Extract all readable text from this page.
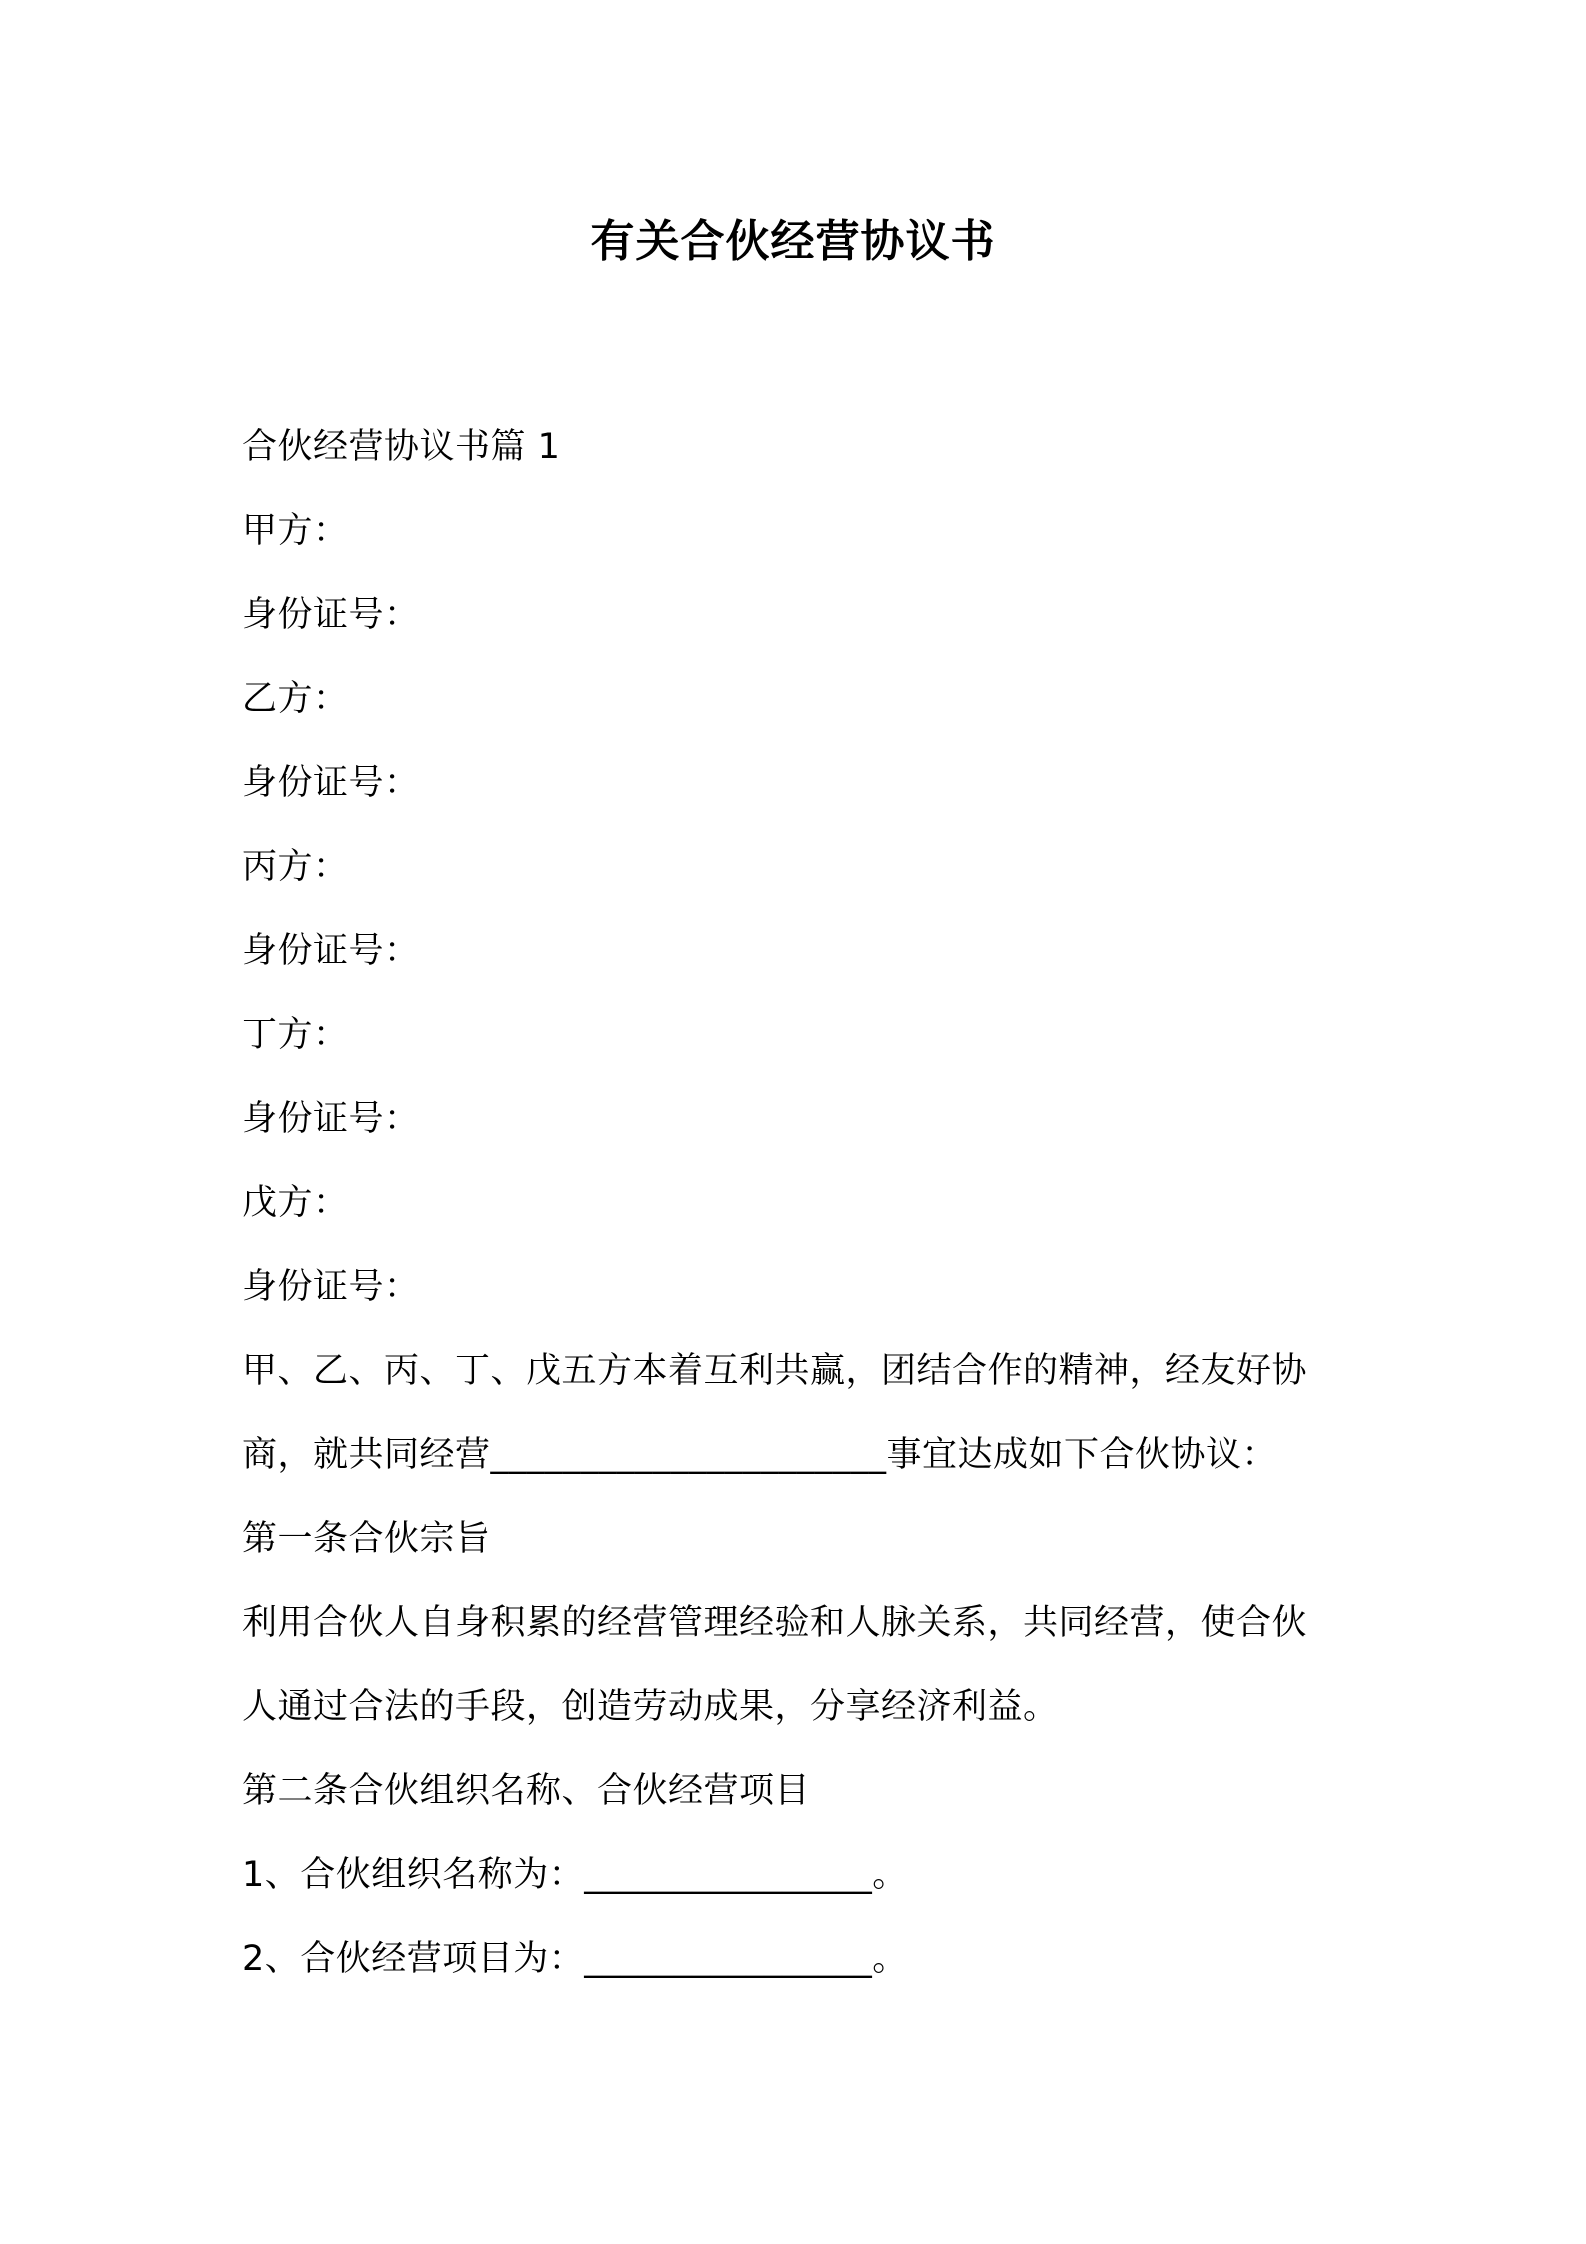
有关合伙经营协议书
合伙经营协议书篇 1
甲方：
身份证号：
乙方：
身份证号：
丙方：
身份证号：
丁方：
身份证号：
戊方：
身份证号：
甲、乙、丙、丁、戊五方本着互利共赢，团结合作的精神，经友好协
商，就共同经营______________________事宜达成如下合伙协议：
第一条合伙宗旨
利用合伙人自身积累的经营管理经验和人脉关系，共同经营，使合伙
人通过合法的手段，创造劳动成果，分享经济利益。
第二条合伙组织名称、合伙经营项目
1、合伙组织名称为：________________。
2、合伙经营项目为：________________。
